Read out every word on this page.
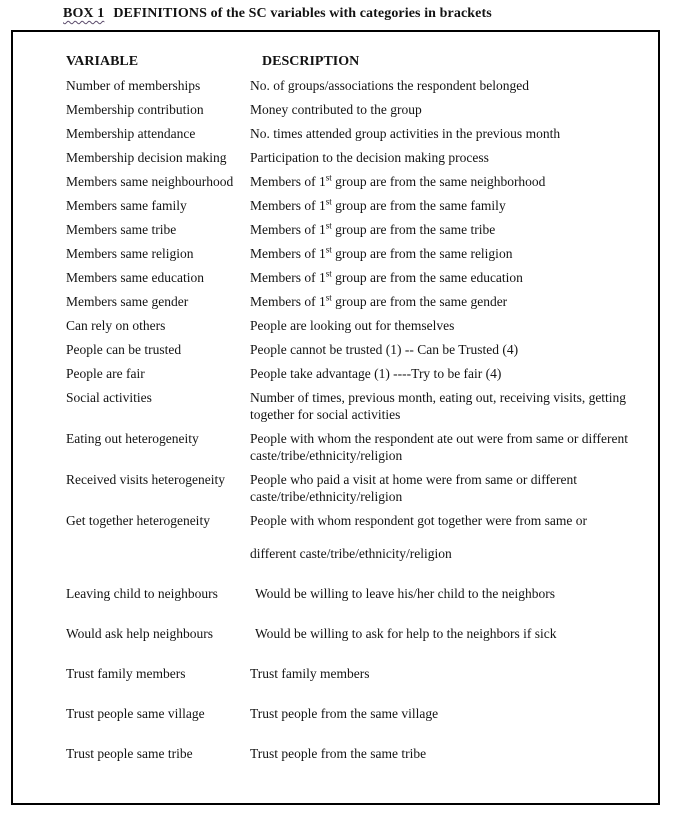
BOX 1 DEFINITIONS of the SC variables with categories in brackets
VARIABLE	DESCRIPTION
Number of memberships	No. of groups/associations the respondent belonged

Membership contribution	Money contributed to the group

Membership attendance	No. times attended group activities in the previous month

Membership decision making	Participation to the decision making process

Members same neighbourhood	Members of 1st group are from the same neighborhood

Members same family	Members of 1st group are from the same family

Members same tribe	Members of 1st group are from the same tribe

Members same religion	Members of 1st group are from the same religion

Members same education	Members of 1st group are from the same education

Members same gender	Members of 1st group are from the same gender

Can rely on others	People are looking out for themselves

People can be trusted	People cannot be trusted (1) -- Can be Trusted (4)

People are fair	People take advantage (1) ----Try to be fair (4)

Social activities	Number of times, previous month, eating out, receiving visits, getting together for social activities

Eating out heterogeneity	People with whom the respondent ate out were from same or different caste/tribe/ethnicity/religion

Received visits heterogeneity	People who paid a visit at home were from same or different caste/tribe/ethnicity/religion

Get together heterogeneity	People with whom respondent got together were from same or

different caste/tribe/ethnicity/religion

Leaving child to neighbours	Would be willing to leave his/her child to the neighbors

Would ask help neighbours	Would be willing to ask for help to the neighbors if sick

Trust family members	Trust family members

Trust people same village	Trust people from the same village

Trust people same tribe	Trust people from the same tribe
